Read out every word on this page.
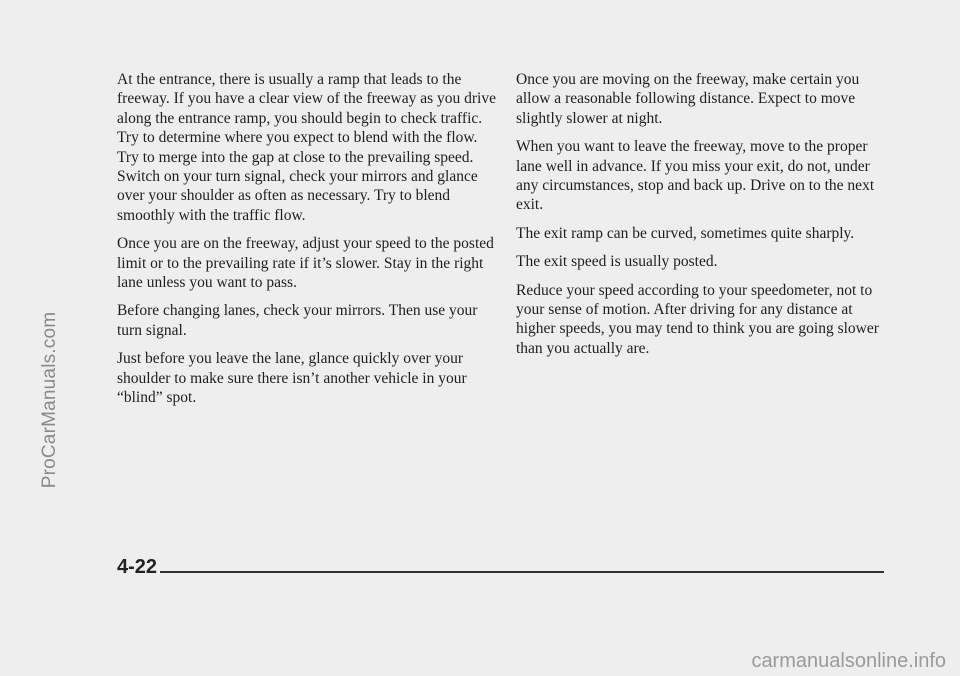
ProCarManuals.com

At the entrance, there is usually a ramp that leads to the freeway. If you have a clear view of the freeway as you drive along the entrance ramp, you should begin to check traffic. Try to determine where you expect to blend with the flow. Try to merge into the gap at close to the prevailing speed. Switch on your turn signal, check your mirrors and glance over your shoulder as often as necessary. Try to blend smoothly with the traffic flow.

Once you are on the freeway, adjust your speed to the posted limit or to the prevailing rate if it’s slower. Stay in the right lane unless you want to pass.

Before changing lanes, check your mirrors. Then use your turn signal.

Just before you leave the lane, glance quickly over your shoulder to make sure there isn’t another vehicle in your “blind” spot.

Once you are moving on the freeway, make certain you allow a reasonable following distance. Expect to move slightly slower at night.

When you want to leave the freeway, move to the proper lane well in advance. If you miss your exit, do not, under any circumstances, stop and back up. Drive on to the next exit.

The exit ramp can be curved, sometimes quite sharply.

The exit speed is usually posted.

Reduce your speed according to your speedometer, not to your sense of motion. After driving for any distance at higher speeds, you may tend to think you are going slower than you actually are.

4-22
carmanualsonline.info
